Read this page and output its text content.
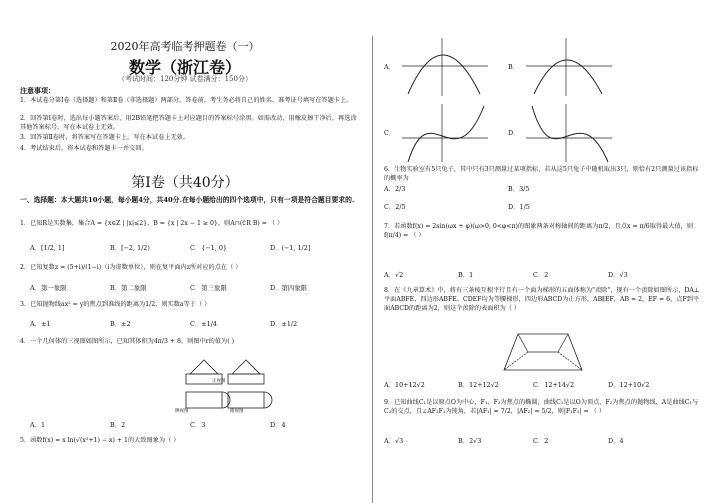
2020年高考临考押题卷（一）
数学（浙江卷）
（考试时间：120分钟 试卷满分：150分）
注意事项：
1．本试卷分第Ⅰ卷（选择题）和第Ⅱ卷（非选择题）两部分。答卷前，考生务必将自己的姓名、准考证号填写在答题卡上。
2．回答第Ⅰ卷时，选出每小题答案后，用2B铅笔把答题卡上对应题目的答案标号涂黑。如需改动，用橡皮擦干净后，再选涂其他答案标号。写在本试卷上无效。
3．回答第Ⅱ卷时，将答案写在答题卡上。写在本试卷上无效。
4．考试结束后，将本试卷和答题卡一并交回。
第Ⅰ卷（共40分）
一、选择题：本大题共10小题，每小题4分，共40分.在每小题给出的四个选项中，只有一项是符合题目要求的.
1．已知R是实数集，集合A = {x∈Z | |x|≤2}，B = {x | 2x − 1 ≥ 0}，则A∩(∁R B) = （ ）
A．[1/2, 1]	B．[−2, 1/2)	C．{−1, 0}	D．(−1, 1/2]
2．已知复数z = (5+i)/(1−i)（i为虚数单位），则在复平面内z所对应的点在（ ）
A．第一象限	B．第二象限	C．第三象限	D．第四象限
3．已知抛物线ax² = y的焦点到准线的距离为1/2，则实数a等于（ ）
A．±1	B．±2	C．±1/4	D．±1/2
4．一个几何体的三视图如图所示，已知其体积为4π/3 + 8，则图中r的值为( )
正视图
侧视图	俯视图
A．1	B．2	C．3	D．4
5．函数f(x) = x ln(√(x²+1) − x) + 1的大致图象为（ ）
A．	B．
C．	D．
6．生物实验室有5只兔子，其中只有3只测量过某项指标，若从这5只兔子中随机取出3只，则恰有2只测量过该指标的概率为
A．2/3	B．3/5
C．2/5	D．1/5
7．若函数f(x) = 2sin(ωx + φ)(ω>0, 0<φ<π)的图象两条对称轴间的距离为π/2，且点x = π/6取得最大值，则f(π/4) = （ ）
A．√2	B．1	C．2	D．√3
8．在《九章算术》中，将有三条棱互相平行且有一个面为梯形的五面体称为"羡除"，现有一个羡除如图所示，DA⊥平面ABFE，四边形ABFE、CDEF均为等腰梯形，四边形ABCD为正方形，AB∥EF，AB = 2，EF = 6，点F到平面ABCD的距离为2，则这个羡除的表面积为（ ）
A．10+12√2	B．12+12√2	C．12+14√2	D．12+10√2
9．已知曲线C₁是以原点O为中心，F₁、F₂为焦点的椭圆，曲线C₂是以O为顶点，F₂为焦点的抛物线，A是曲线C₁与C₂的交点，且∠AF₂F₁为钝角，若|AF₁| = 7/2，|AF₂| = 5/2，则|F₁F₂| = （ ）
A．√3	B．2√3	C．2	D．4
